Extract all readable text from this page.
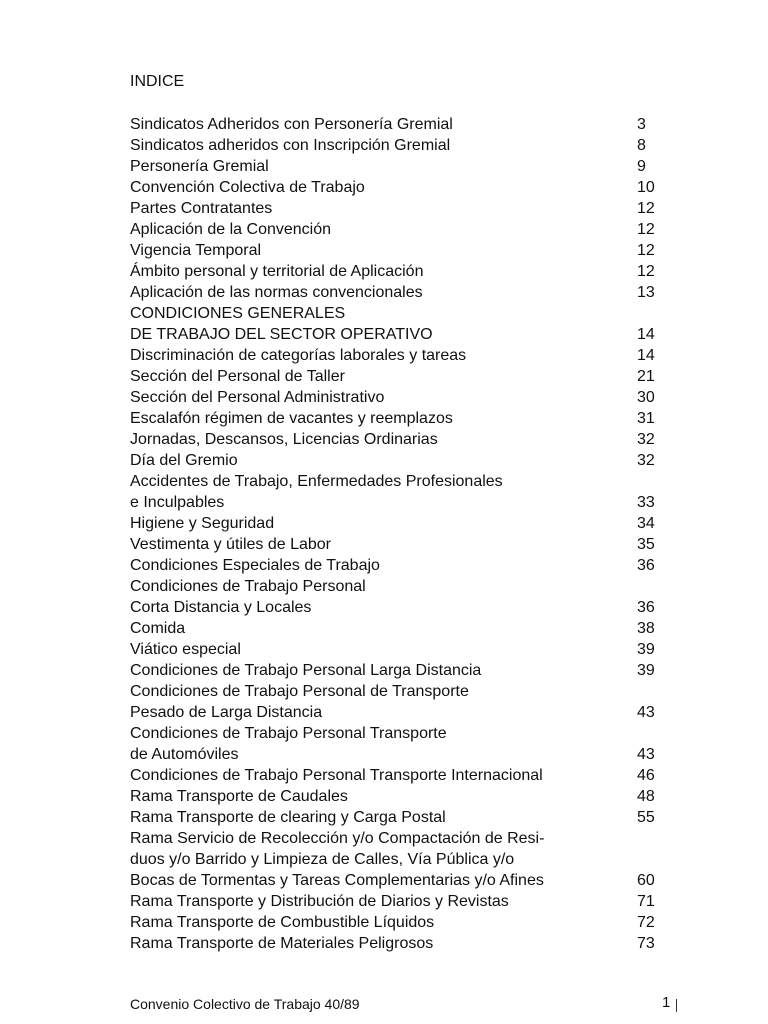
INDICE
Sindicatos Adheridos con Personería Gremial	3
Sindicatos adheridos con Inscripción Gremial	8
Personería Gremial	9
Convención Colectiva de Trabajo	10
Partes Contratantes	12
Aplicación de la Convención	12
Vigencia Temporal	12
Ámbito personal y territorial de Aplicación	12
Aplicación de las normas convencionales	13
CONDICIONES GENERALES
DE TRABAJO DEL SECTOR OPERATIVO	14
Discriminación de categorías laborales y tareas	14
Sección del Personal de Taller	21
Sección del Personal Administrativo	30
Escalafón régimen de vacantes y reemplazos	31
Jornadas, Descansos, Licencias Ordinarias	32
Día del Gremio	32
Accidentes de Trabajo, Enfermedades Profesionales
e Inculpables	33
Higiene y Seguridad	34
Vestimenta y útiles de Labor	35
Condiciones Especiales de Trabajo	36
Condiciones de Trabajo Personal
Corta Distancia y Locales	36
Comida	38
Viático especial	39
Condiciones de Trabajo Personal Larga Distancia	39
Condiciones de Trabajo Personal de Transporte
Pesado de Larga Distancia	43
Condiciones de Trabajo Personal Transporte
de Automóviles	43
Condiciones de Trabajo Personal Transporte Internacional	46
Rama Transporte de Caudales	48
Rama Transporte de clearing y Carga Postal	55
Rama Servicio de Recolección y/o Compactación de Resi-
duos y/o Barrido y Limpieza de Calles, Vía Pública y/o
Bocas de Tormentas y Tareas Complementarias y/o Afines	60
Rama Transporte y Distribución de Diarios y Revistas	71
Rama Transporte de Combustible Líquidos	72
Rama Transporte de Materiales Peligrosos	73
Convenio Colectivo de Trabajo 40/89	1
